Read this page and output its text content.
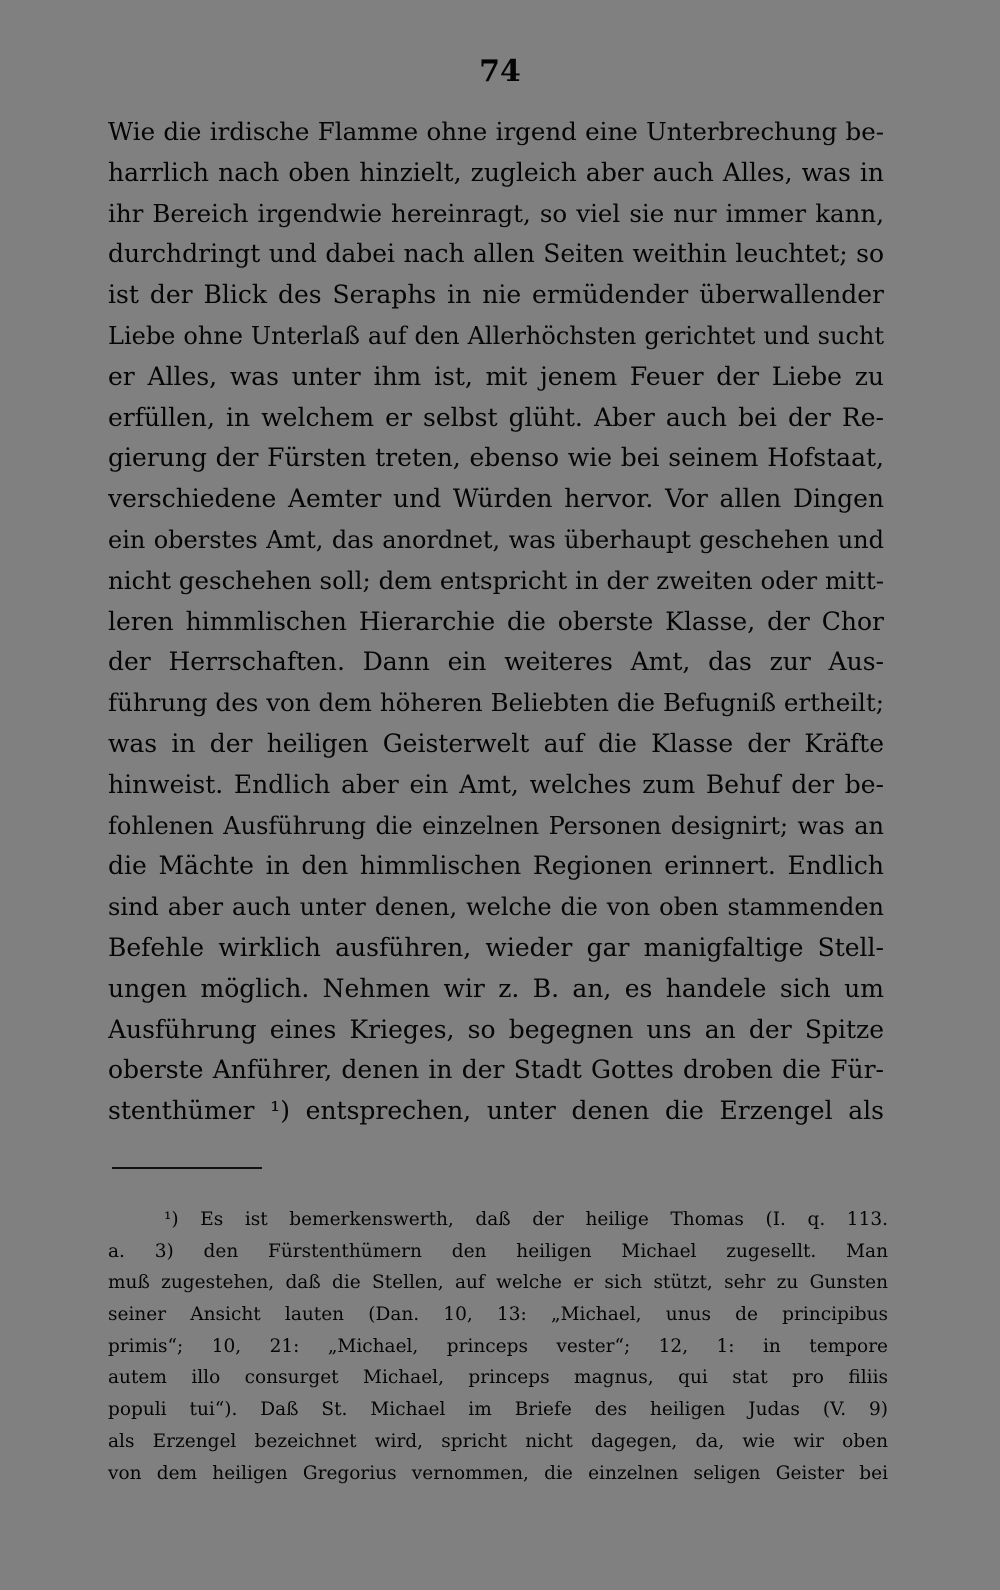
74
Wie die irdische Flamme ohne irgend eine Unterbrechung be-
harrlich nach oben hinzielt, zugleich aber auch Alles, was in
ihr Bereich irgendwie hereinragt, so viel sie nur immer kann,
durchdringt und dabei nach allen Seiten weithin leuchtet; so
ist der Blick des Seraphs in nie ermüdender überwallender
Liebe ohne Unterlaß auf den Allerhöchsten gerichtet und sucht
er Alles, was unter ihm ist, mit jenem Feuer der Liebe zu
erfüllen, in welchem er selbst glüht. Aber auch bei der Re-
gierung der Fürsten treten, ebenso wie bei seinem Hofstaat,
verschiedene Aemter und Würden hervor. Vor allen Dingen
ein oberstes Amt, das anordnet, was überhaupt geschehen und
nicht geschehen soll; dem entspricht in der zweiten oder mitt-
leren himmlischen Hierarchie die oberste Klasse, der Chor
der Herrschaften. Dann ein weiteres Amt, das zur Aus-
führung des von dem höheren Beliebten die Befugniß ertheilt;
was in der heiligen Geisterwelt auf die Klasse der Kräfte
hinweist. Endlich aber ein Amt, welches zum Behuf der be-
fohlenen Ausführung die einzelnen Personen designirt; was an
die Mächte in den himmlischen Regionen erinnert. Endlich
sind aber auch unter denen, welche die von oben stammenden
Befehle wirklich ausführen, wieder gar manigfaltige Stell-
ungen möglich. Nehmen wir z. B. an, es handele sich um
Ausführung eines Krieges, so begegnen uns an der Spitze
oberste Anführer, denen in der Stadt Gottes droben die Für-
stenthümer ¹) entsprechen, unter denen die Erzengel als
¹) Es ist bemerkenswerth, daß der heilige Thomas (I. q. 113.
a. 3) den Fürstenthümern den heiligen Michael zugesellt. Man
muß zugestehen, daß die Stellen, auf welche er sich stützt, sehr zu Gunsten
seiner Ansicht lauten (Dan. 10, 13: „Michael, unus de principibus
primis“; 10, 21: „Michael, princeps vester“; 12, 1: in tempore
autem illo consurget Michael, princeps magnus, qui stat pro filiis
populi tui“). Daß St. Michael im Briefe des heiligen Judas (V. 9)
als Erzengel bezeichnet wird, spricht nicht dagegen, da, wie wir oben
von dem heiligen Gregorius vernommen, die einzelnen seligen Geister bei
